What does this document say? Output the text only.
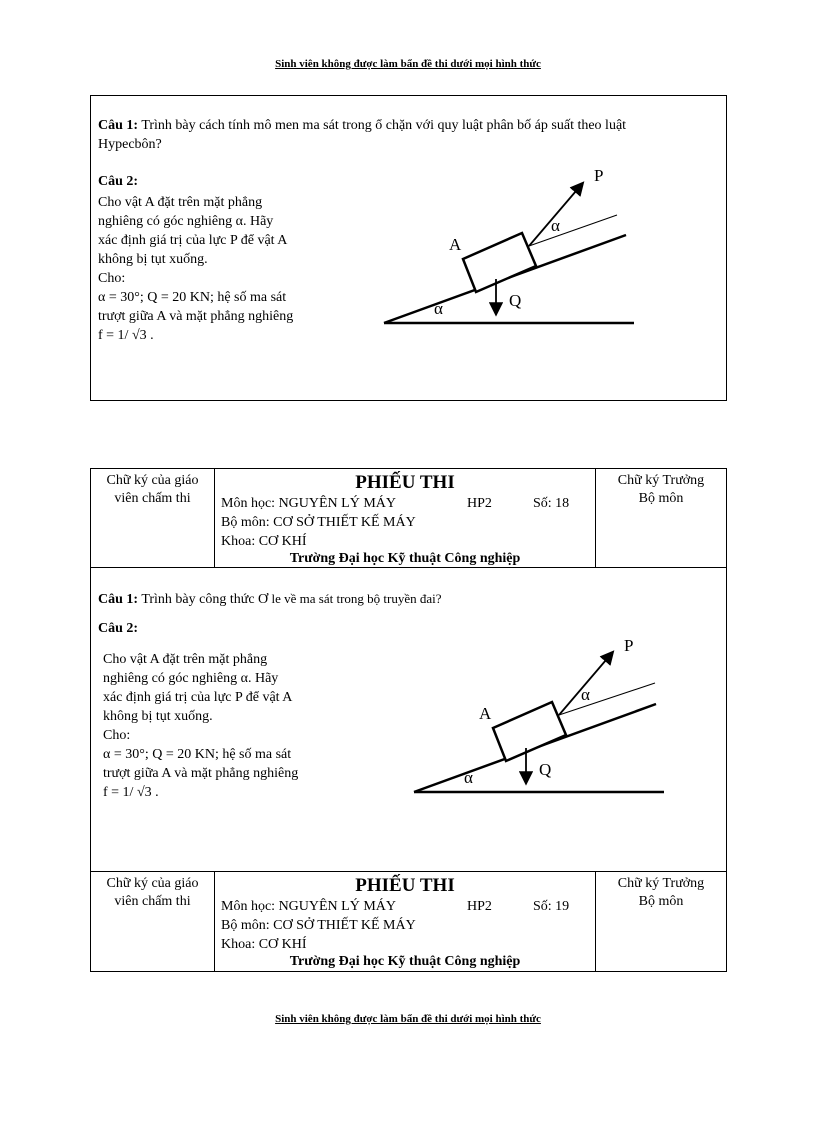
Sinh viên không được làm bẩn đề thi dưới mọi hình thức
Câu 1: Trình bày cách tính mô men ma sát trong ổ chặn với quy luật phân bố áp suất theo luật
Hypecbôn?
Câu 2:
Cho vật A đặt trên mặt phẳng
nghiêng có góc nghiêng α. Hãy
xác định giá trị của lực P để vật A
không bị tụt xuống.
Cho:
α = 30°; Q = 20 KN; hệ số ma sát
trượt giữa A và mặt phẳng nghiêng
f = 1/ √3 .
P
α
A
Q
α
Chữ ký của giáo viên chấm thi
PHIẾU THI
Môn học: NGUYÊN LÝ MÁY	HP2	Số: 18
Bộ môn: CƠ SỞ THIẾT KẾ MÁY
Khoa: CƠ KHÍ
Trường Đại học Kỹ thuật Công nghiệp
Chữ ký Trưởng Bộ môn
Câu 1: Trình bày công thức Ơ le về ma sát trong bộ truyền đai?
Câu 2:
Cho vật A đặt trên mặt phẳng
nghiêng có góc nghiêng α. Hãy
xác định giá trị của lực P để vật A
không bị tụt xuống.
Cho:
α = 30°; Q = 20 KN; hệ số ma sát
trượt giữa A và mặt phẳng nghiêng
f = 1/ √3 .
P
α
A
Q
α
Chữ ký của giáo viên chấm thi
PHIẾU THI
Môn học: NGUYÊN LÝ MÁY	HP2	Số: 19
Bộ môn: CƠ SỞ THIẾT KẾ MÁY
Khoa: CƠ KHÍ
Trường Đại học Kỹ thuật Công nghiệp
Chữ ký Trưởng Bộ môn
Sinh viên không được làm bẩn đề thi dưới mọi hình thức
